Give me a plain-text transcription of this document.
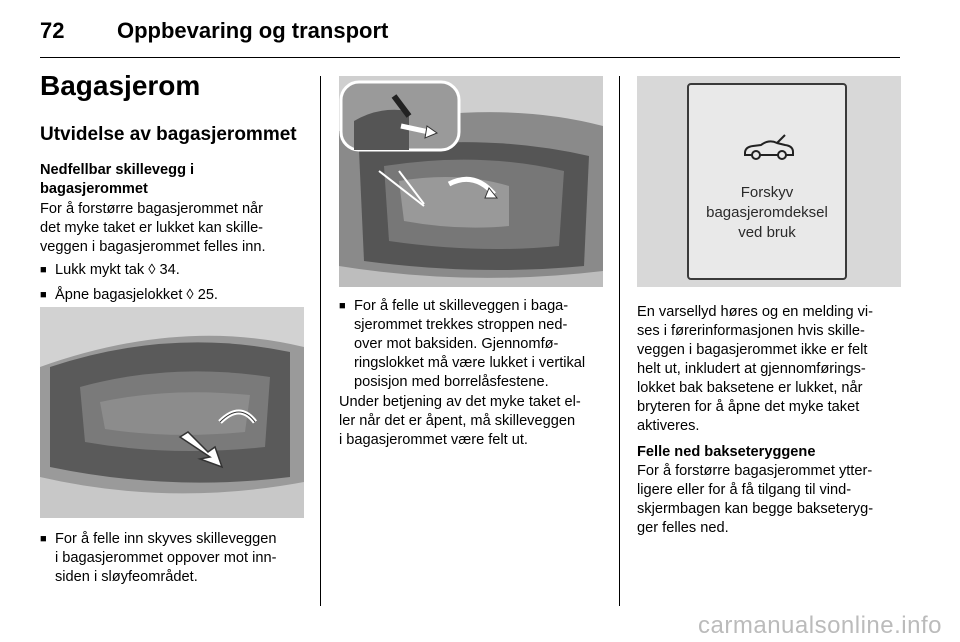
72 Oppbevaring og transport
Bagasjerom
Utvidelse av bagasjerommet

Nedfellbar skillevegg i

bagasjerommet

For å forstørre bagasjerommet når

det myke taket er lukket kan skille-

veggen i bagasjerommet felles inn.

■ Lukk mykt tak ◊ 34.
■ Åpne bagasjelokket ◊ 25.
■ For å felle inn skyves skilleveggen
i bagasjerommet oppover mot inn-
siden i sløyfeområdet.
■ For å felle ut skilleveggen i baga-
sjerommet trekkes stroppen ned-
over mot baksiden. Gjennomfø-
ringslokket må være lukket i vertikal
posisjon med borrelåsfestene.

Under betjening av det myke taket el-

ler når det er åpent, må skilleveggen

i bagasjerommet være felt ut.

Forskyv
bagasjeromdeksel
ved bruk

En varsellyd høres og en melding vi-

ses i førerinformasjonen hvis skille-

veggen i bagasjerommet ikke er felt

helt ut, inkludert at gjennomførings-

lokket bak baksetene er lukket, når

bryteren for å åpne det myke taket

aktiveres.

Felle ned bakseteryggene

For å forstørre bagasjerommet ytter-

ligere eller for å få tilgang til vind-

skjermbagen kan begge bakseteryg-

ger felles ned.

carmanualsonline.info
